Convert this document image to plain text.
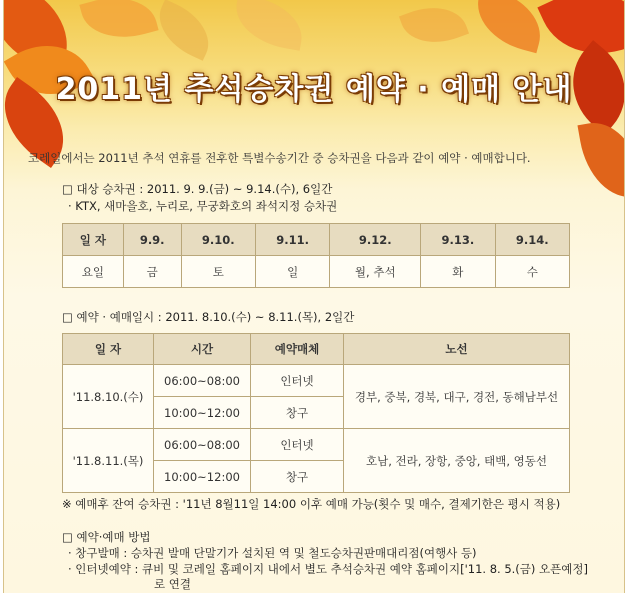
2011년 추석승차권 예약 · 예매 안내
코레일에서는 2011년 추석 연휴를 전후한 특별수송기간 중 승차권을 다음과 같이 예약 · 예매합니다.
□ 대상 승차권 : 2011. 9. 9.(금) ~ 9.14.(수), 6일간
· KTX, 새마을호, 누리로, 무궁화호의 좌석지정 승차권
일 자	9.9.	9.10.	9.11.	9.12.	9.13.	9.14.
요일	금	토	일	월, 추석	화	수
□ 예약 · 예매일시 : 2011. 8.10.(수) ~ 8.11.(목), 2일간
일 자	시간	예약매체	노선
'11.8.10.(수)	06:00~08:00	인터넷	경부, 중북, 경북, 대구, 경전, 동해남부선
	10:00~12:00	창구	
'11.8.11.(목)	06:00~08:00	인터넷	호남, 전라, 장항, 중앙, 태백, 영동선
	10:00~12:00	창구	
※ 예매후 잔여 승차권 : '11년 8월11일 14:00 이후 예매 가능(횟수 및 매수, 결제기한은 평시 적용)
□ 예약·예매 방법
· 창구발매 : 승차권 발매 단말기가 설치된 역 및 철도승차권판매대리점(여행사 등)
· 인터넷예약 : 큐비 및 코레일 홈페이지 내에서 별도 추석승차권 예약 홈페이지['11. 8. 5.(금) 오픈예정]
로 연결
